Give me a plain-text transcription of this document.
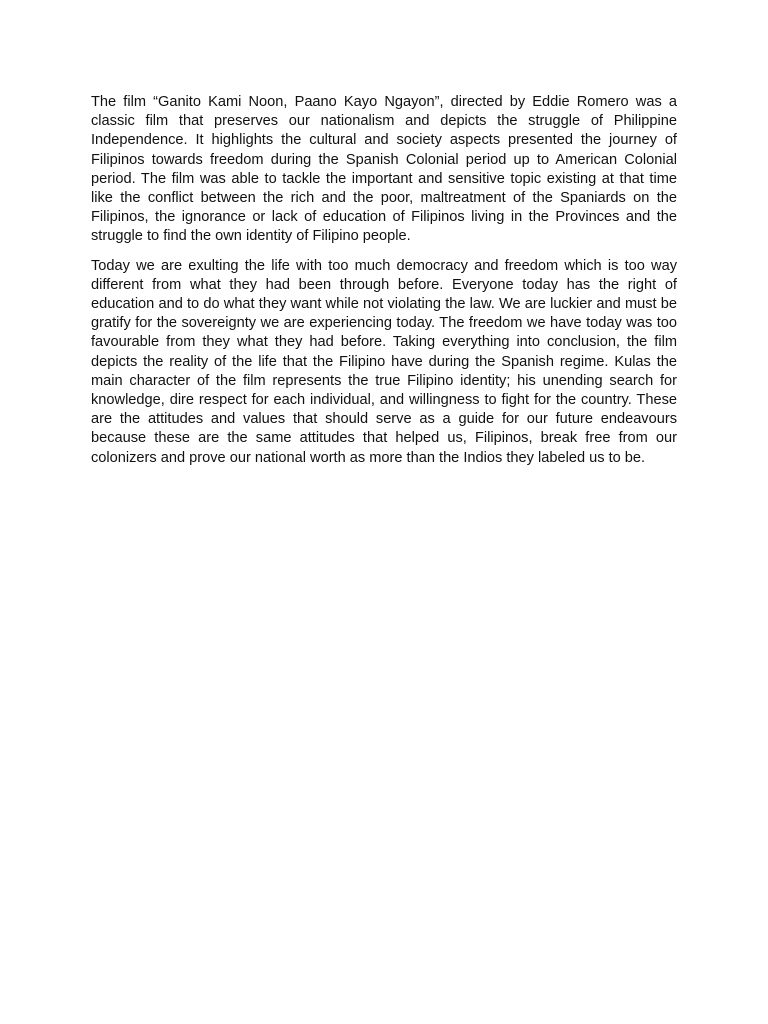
The film “Ganito Kami Noon, Paano Kayo Ngayon”, directed by Eddie Romero was a classic film that preserves our nationalism and depicts the struggle of Philippine Independence. It highlights the cultural and society aspects presented the journey of Filipinos towards freedom during the Spanish Colonial period up to American Colonial period. The film was able to tackle the important and sensitive topic existing at that time like the conflict between the rich and the poor, maltreatment of the Spaniards on the Filipinos, the ignorance or lack of education of Filipinos living in the Provinces and the struggle to find the own identity of Filipino people.

Today we are exulting the life with too much democracy and freedom which is too way different from what they had been through before. Everyone today has the right of education and to do what they want while not violating the law. We are luckier and must be gratify for the sovereignty we are experiencing today. The freedom we have today was too favourable from they what they had before. Taking everything into conclusion, the film depicts the reality of the life that the Filipino have during the Spanish regime. Kulas the main character of the film represents the true Filipino identity; his unending search for knowledge, dire respect for each individual, and willingness to fight for the country. These are the attitudes and values that should serve as a guide for our future endeavours because these are the same attitudes that helped us, Filipinos, break free from our colonizers and prove our national worth as more than the Indios they labeled us to be.
